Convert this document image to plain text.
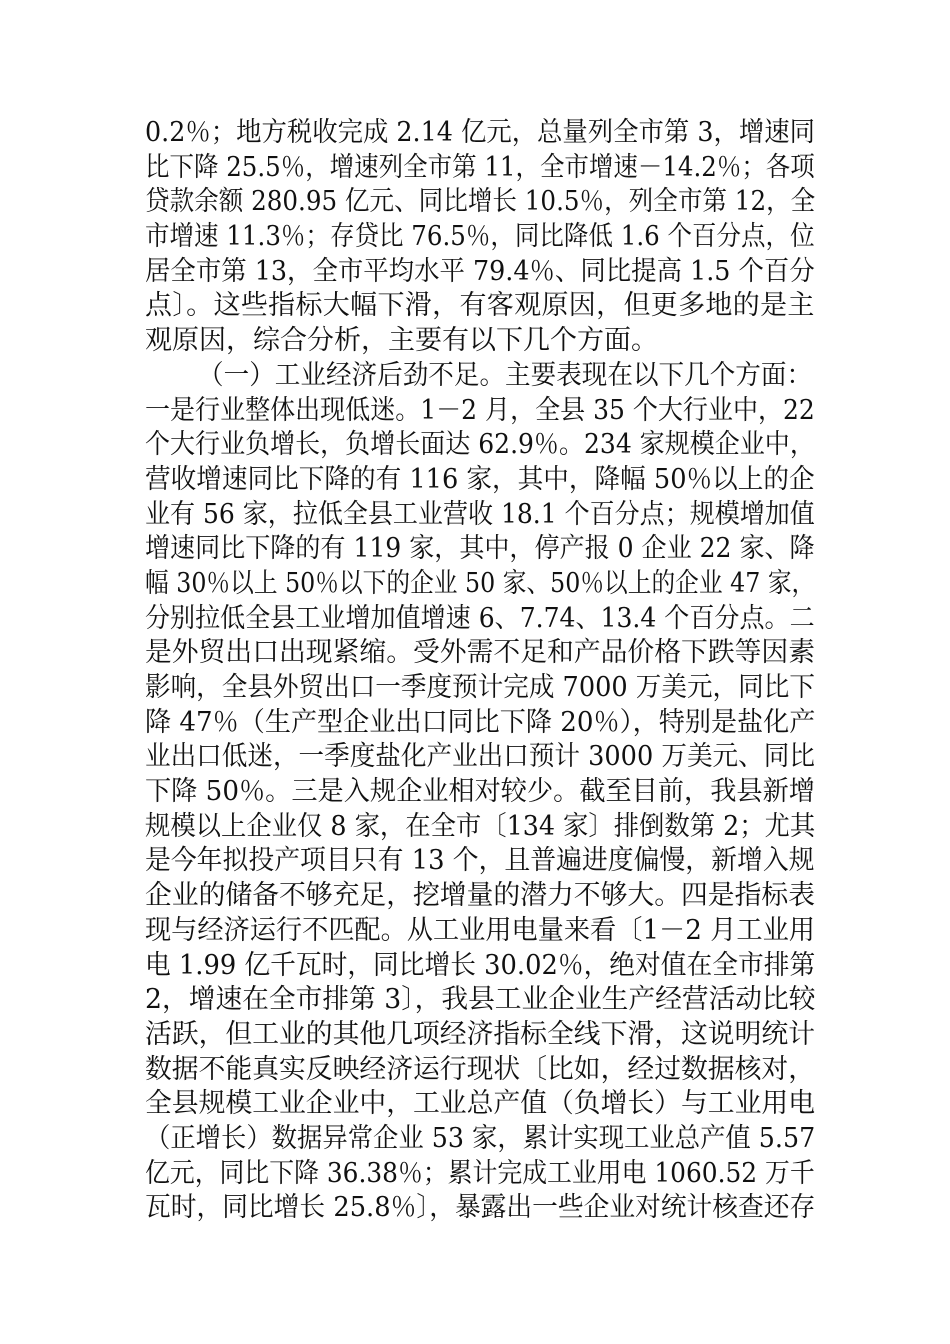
0.2％；地方税收完成 2.14 亿元，总量列全市第 3，增速同
比下降 25.5％，增速列全市第 11，全市增速－14.2％；各项
贷款余额 280.95 亿元、同比增长 10.5％，列全市第 12，全
市增速 11.3％；存贷比 76.5％，同比降低 1.6 个百分点，位
居全市第 13，全市平均水平 79.4％、同比提高 1.5 个百分
点〕。这些指标大幅下滑，有客观原因，但更多地的是主
观原因，综合分析，主要有以下几个方面。
（一）工业经济后劲不足。主要表现在以下几个方面：
一是行业整体出现低迷。1－2 月，全县 35 个大行业中，22
个大行业负增长，负增长面达 62.9％。234 家规模企业中，
营收增速同比下降的有 116 家，其中，降幅 50％以上的企
业有 56 家，拉低全县工业营收 18.1 个百分点；规模增加值
增速同比下降的有 119 家，其中，停产报 0 企业 22 家、降
幅 30％以上 50％以下的企业 50 家、50％以上的企业 47 家，
分别拉低全县工业增加值增速 6、7.74、13.4 个百分点。二
是外贸出口出现紧缩。受外需不足和产品价格下跌等因素
影响，全县外贸出口一季度预计完成 7000 万美元，同比下
降 47％（生产型企业出口同比下降 20％），特别是盐化产
业出口低迷，一季度盐化产业出口预计 3000 万美元、同比
下降 50％。三是入规企业相对较少。截至目前，我县新增
规模以上企业仅 8 家，在全市〔134 家〕排倒数第 2；尤其
是今年拟投产项目只有 13 个，且普遍进度偏慢，新增入规
企业的储备不够充足，挖增量的潜力不够大。四是指标表
现与经济运行不匹配。从工业用电量来看〔1－2 月工业用
电 1.99 亿千瓦时，同比增长 30.02％，绝对值在全市排第
2，增速在全市排第 3〕，我县工业企业生产经营活动比较
活跃，但工业的其他几项经济指标全线下滑，这说明统计
数据不能真实反映经济运行现状〔比如，经过数据核对，
全县规模工业企业中，工业总产值（负增长）与工业用电
（正增长）数据异常企业 53 家，累计实现工业总产值 5.57
亿元，同比下降 36.38％；累计完成工业用电 1060.52 万千
瓦时，同比增长 25.8％〕，暴露出一些企业对统计核查还存
